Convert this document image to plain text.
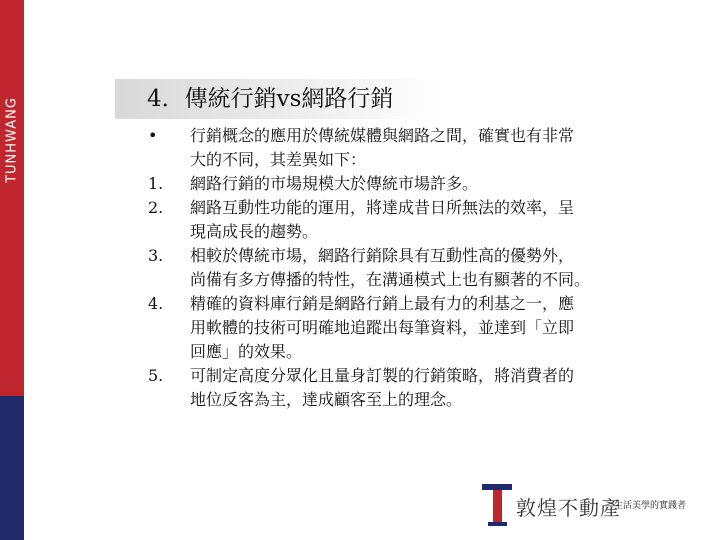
TUNHWANG	4．傳統行銷vs網路行銷
•	行銷概念的應用於傳統媒體與網路之間，確實也有非常
大的不同，其差異如下：
1.	網路行銷的市場規模大於傳統市場許多。
2.	網路互動性功能的運用，將達成昔日所無法的效率，呈
現高成長的趨勢。
3.	相較於傳統市場，網路行銷除具有互動性高的優勢外，
尚備有多方傳播的特性，在溝通模式上也有顯著的不同。
4.	精確的資料庫行銷是網路行銷上最有力的利基之一，應
用軟體的技術可明確地追蹤出每筆資料，並達到「立即
回應」的效果。
5.	可制定高度分眾化且量身訂製的行銷策略，將消費者的
地位反客為主，達成顧客至上的理念。
敦煌不動產
生活美學的實踐者
